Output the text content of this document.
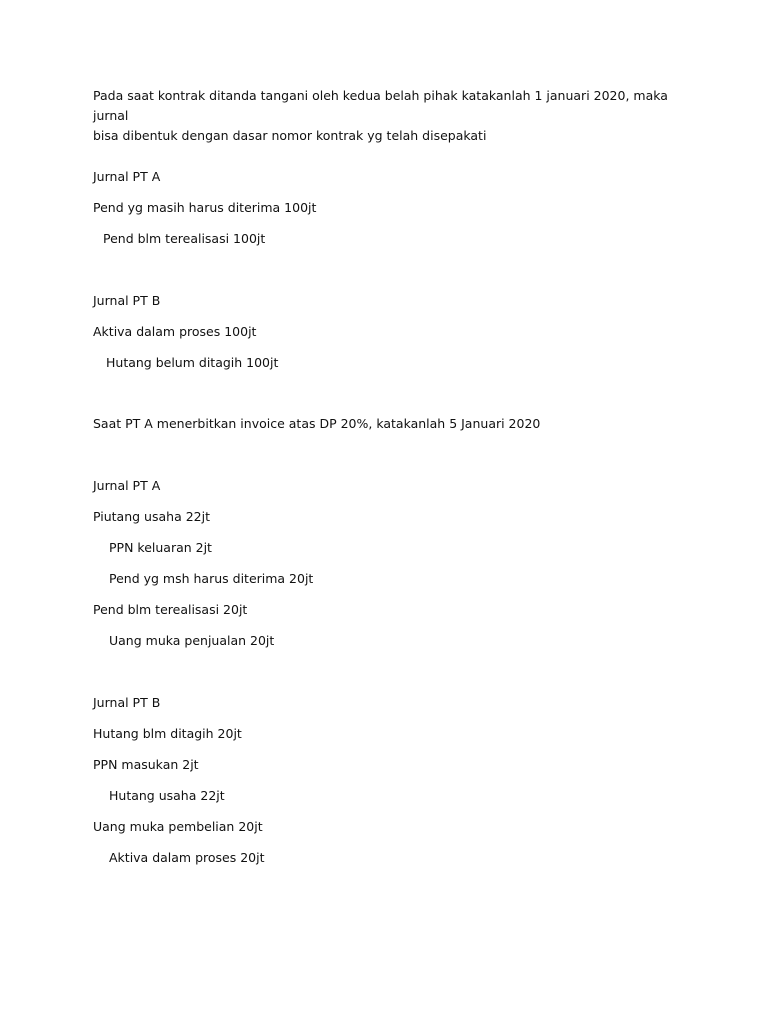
Pada saat kontrak ditanda tangani oleh kedua belah pihak katakanlah 1 januari 2020, maka jurnal
bisa dibentuk dengan dasar nomor kontrak yg telah disepakati
Jurnal PT A
Pend yg masih harus diterima 100jt
Pend blm terealisasi 100jt
Jurnal PT B
Aktiva dalam proses 100jt
Hutang belum ditagih 100jt
Saat PT A menerbitkan invoice atas DP 20%, katakanlah 5 Januari 2020
Jurnal PT A
Piutang usaha 22jt
PPN keluaran 2jt
Pend yg msh harus diterima 20jt
Pend blm terealisasi 20jt
Uang muka penjualan 20jt
Jurnal PT B
Hutang blm ditagih 20jt
PPN masukan 2jt
Hutang usaha 22jt
Uang muka pembelian 20jt
Aktiva dalam proses 20jt
